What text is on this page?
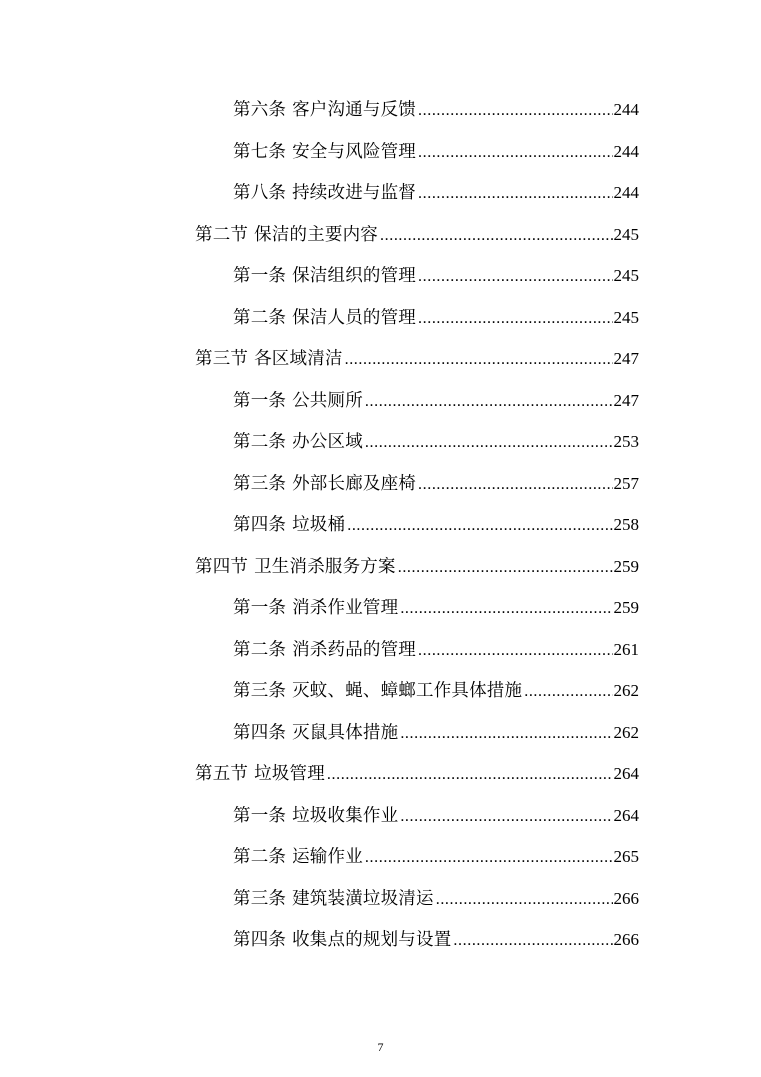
第六条 客户沟通与反馈 .....	244
第七条 安全与风险管理 .....	244
第八条 持续改进与监督 .....	244
第二节 保洁的主要内容 .....	245
第一条 保洁组织的管理 .....	245
第二条 保洁人员的管理 .....	245
第三节 各区域清洁 .....	247
第一条 公共厕所 .....	247
第二条 办公区域 .....	253
第三条 外部长廊及座椅 .....	257
第四条 垃圾桶 .....	258
第四节 卫生消杀服务方案 .....	259
第一条 消杀作业管理 .....	259
第二条 消杀药品的管理 .....	261
第三条 灭蚊、蝇、蟑螂工作具体措施 .....	262
第四条 灭鼠具体措施 .....	262
第五节 垃圾管理 .....	264
第一条 垃圾收集作业 .....	264
第二条 运输作业 .....	265
第三条 建筑装潢垃圾清运 .....	266
第四条 收集点的规划与设置 .....	266
7
